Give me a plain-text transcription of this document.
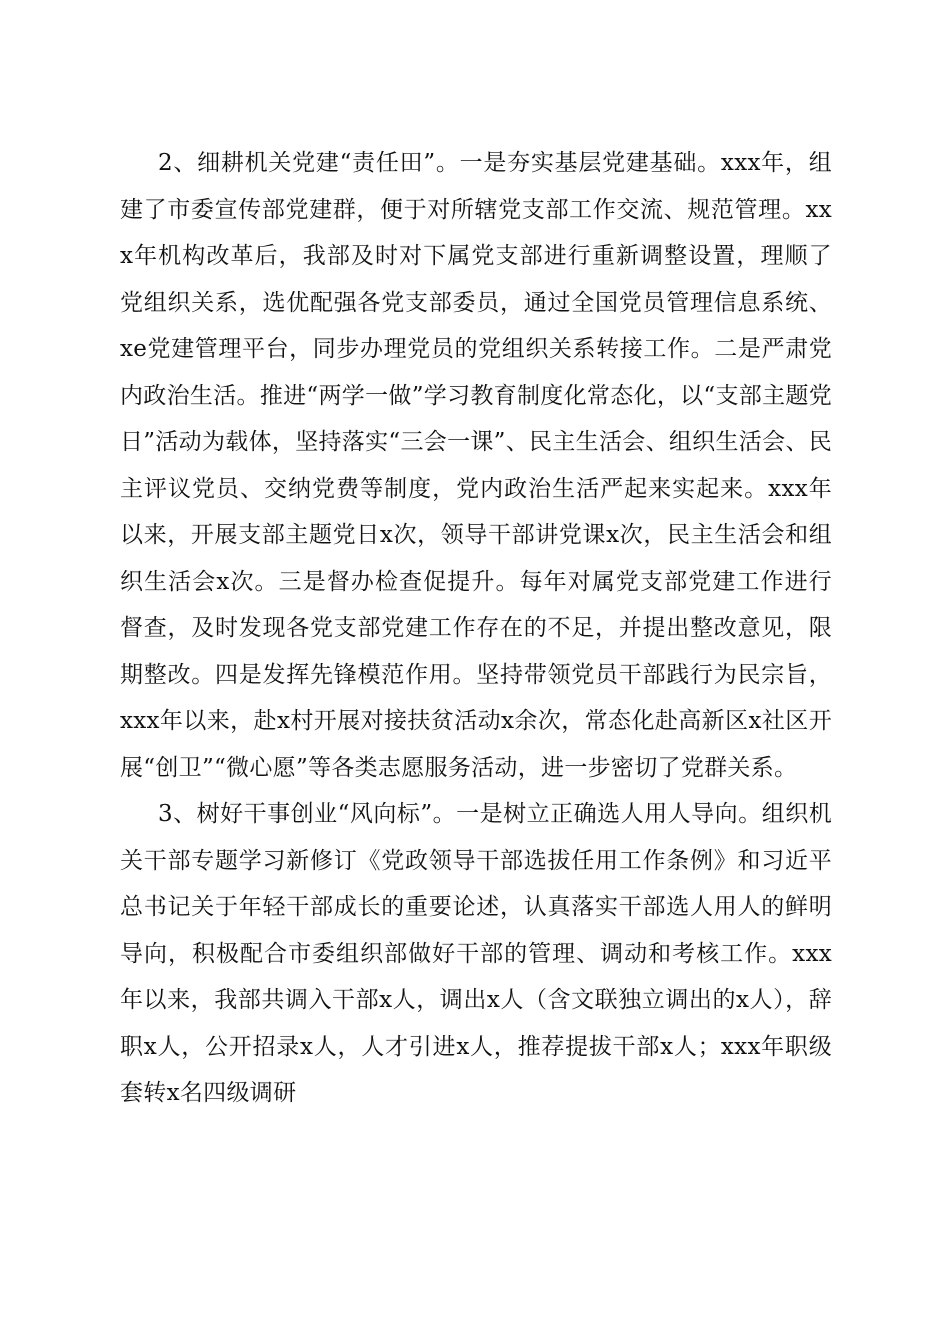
2、细耕机关党建“责任田”。一是夯实基层党建基础。xxx年，组建了市委宣传部党建群，便于对所辖党支部工作交流、规范管理。xxx年机构改革后，我部及时对下属党支部进行重新调整设置，理顺了党组织关系，选优配强各党支部委员，通过全国党员管理信息系统、xe党建管理平台，同步办理党员的党组织关系转接工作。二是严肃党内政治生活。推进“两学一做”学习教育制度化常态化，以“支部主题党日”活动为载体，坚持落实“三会一课”、民主生活会、组织生活会、民主评议党员、交纳党费等制度，党内政治生活严起来实起来。xxx年以来，开展支部主题党日x次，领导干部讲党课x次，民主生活会和组织生活会x次。三是督办检查促提升。每年对属党支部党建工作进行督查，及时发现各党支部党建工作存在的不足，并提出整改意见，限期整改。四是发挥先锋模范作用。坚持带领党员干部践行为民宗旨，xxx年以来，赴x村开展对接扶贫活动x余次，常态化赴高新区x社区开展“创卫”“微心愿”等各类志愿服务活动，进一步密切了党群关系。

3、树好干事创业“风向标”。一是树立正确选人用人导向。组织机关干部专题学习新修订《党政领导干部选拔任用工作条例》和习近平总书记关于年轻干部成长的重要论述，认真落实干部选人用人的鲜明导向，积极配合市委组织部做好干部的管理、调动和考核工作。xxx年以来，我部共调入干部x人，调出x人（含文联独立调出的x人），辞职x人，公开招录x人，人才引进x人，推荐提拔干部x人；xxx年职级套转x名四级调研
